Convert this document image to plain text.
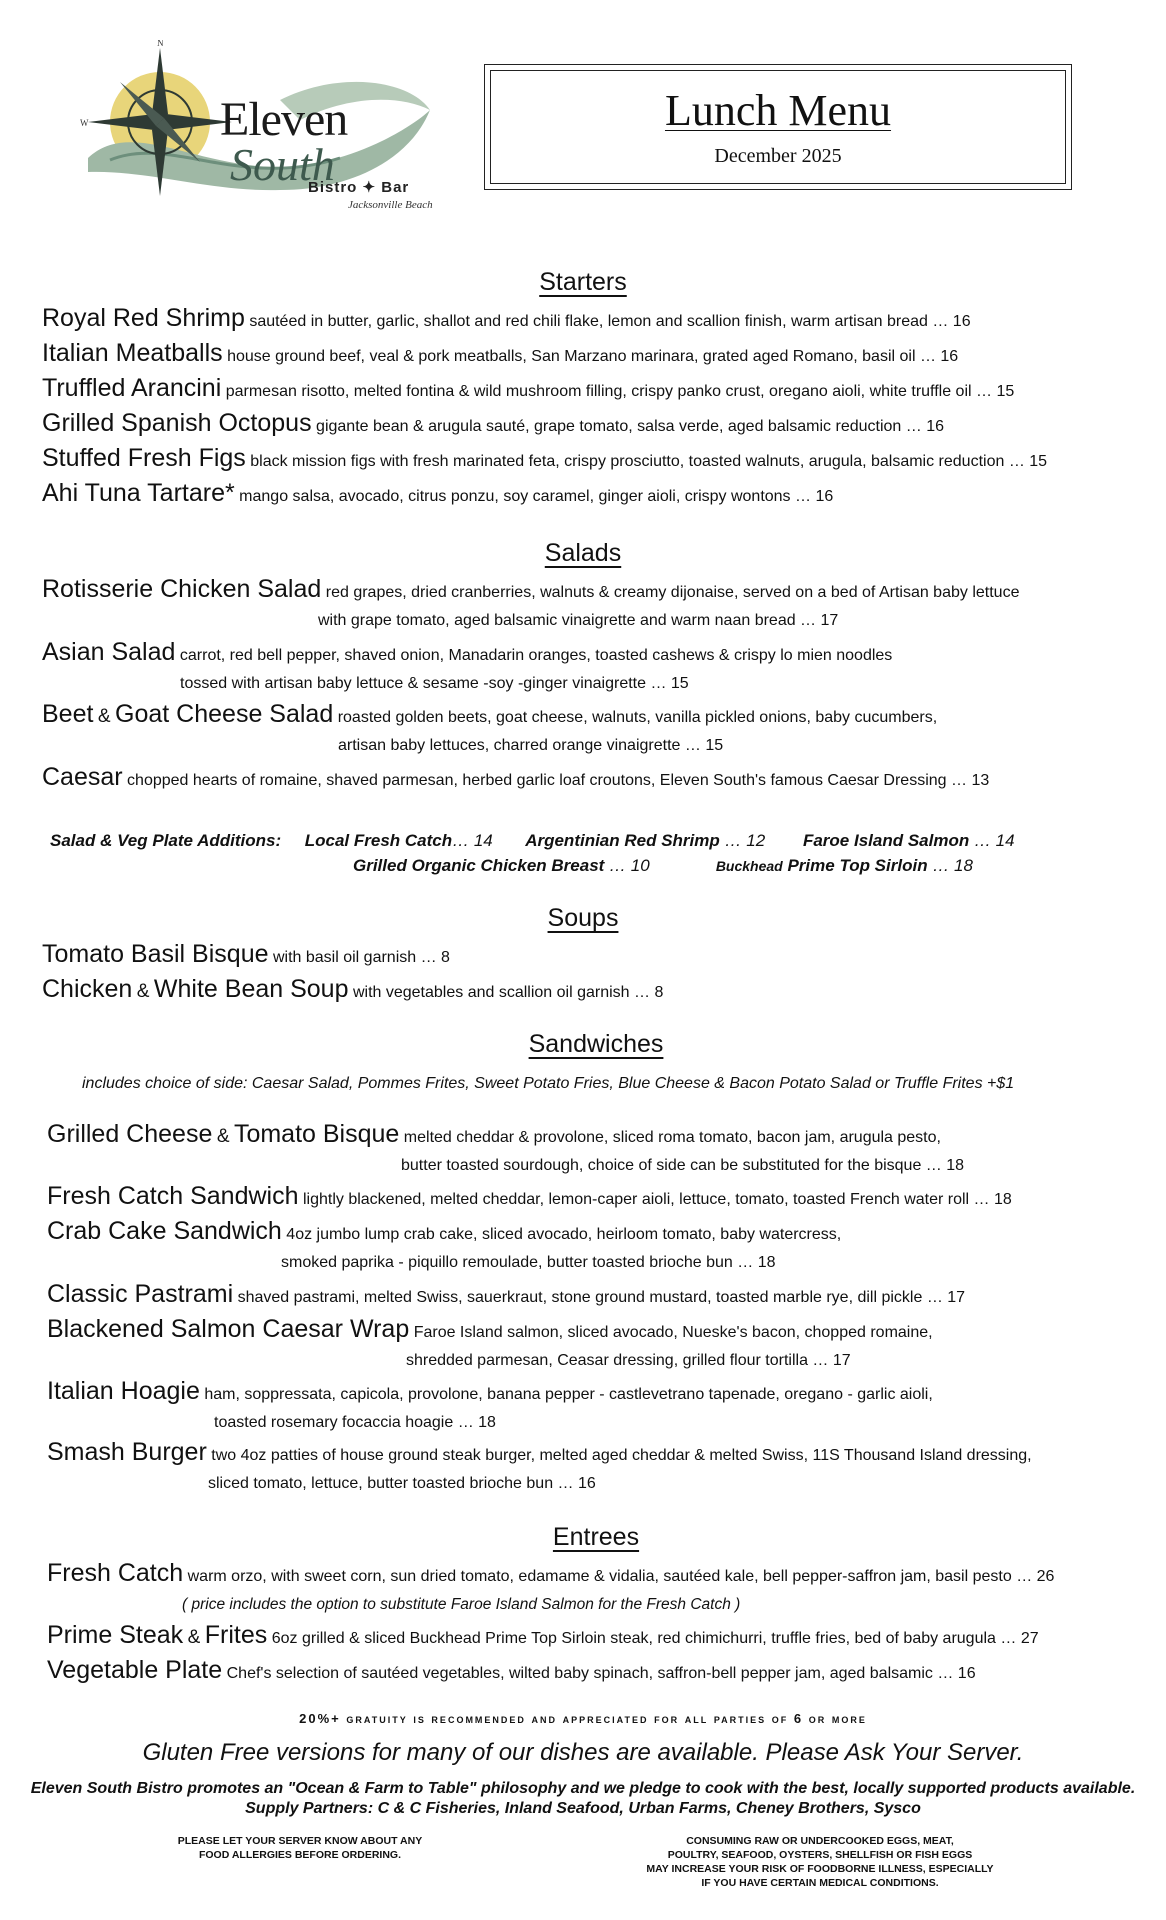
N
W	Eleven
South
Bistro ✦ Bar
Jacksonville Beach
Lunch Menu
December 2025
Starters
Royal Red Shrimp sautéed in butter, garlic, shallot and red chili flake, lemon and scallion finish, warm artisan bread … 16
Italian Meatballs house ground beef, veal & pork meatballs, San Marzano marinara, grated aged Romano, basil oil … 16
Truffled Arancini parmesan risotto, melted fontina & wild mushroom filling, crispy panko crust, oregano aioli, white truffle oil … 15
Grilled Spanish Octopus gigante bean & arugula sauté, grape tomato, salsa verde, aged balsamic reduction … 16
Stuffed Fresh Figs black mission figs with fresh marinated feta, crispy prosciutto, toasted walnuts, arugula, balsamic reduction … 15
Ahi Tuna Tartare* mango salsa, avocado, citrus ponzu, soy caramel, ginger aioli, crispy wontons … 16
Salads
Rotisserie Chicken Salad red grapes, dried cranberries, walnuts & creamy dijonaise, served on a bed of Artisan baby lettuce
with grape tomato, aged balsamic vinaigrette and warm naan bread … 17
Asian Salad carrot, red bell pepper, shaved onion, Manadarin oranges, toasted cashews & crispy lo mien noodles
tossed with artisan baby lettuce & sesame -soy -ginger vinaigrette … 15
Beet & Goat Cheese Salad roasted golden beets, goat cheese, walnuts, vanilla pickled onions, baby cucumbers,
artisan baby lettuces, charred orange vinaigrette … 15
Caesar chopped hearts of romaine, shaved parmesan, herbed garlic loaf croutons, Eleven South's famous Caesar Dressing … 13
Salad & Veg Plate Additions: Local Fresh Catch… 14 Argentinian Red Shrimp … 12 Faroe Island Salmon … 14
Grilled Organic Chicken Breast … 10	Buckhead Prime Top Sirloin … 18
Soups
Tomato Basil Bisque with basil oil garnish … 8
Chicken & White Bean Soup with vegetables and scallion oil garnish … 8
Sandwiches
includes choice of side: Caesar Salad, Pommes Frites, Sweet Potato Fries, Blue Cheese & Bacon Potato Salad or Truffle Frites +$1
Grilled Cheese & Tomato Bisque melted cheddar & provolone, sliced roma tomato, bacon jam, arugula pesto,
butter toasted sourdough, choice of side can be substituted for the bisque … 18
Fresh Catch Sandwich lightly blackened, melted cheddar, lemon-caper aioli, lettuce, tomato, toasted French water roll … 18
Crab Cake Sandwich 4oz jumbo lump crab cake, sliced avocado, heirloom tomato, baby watercress,
smoked paprika - piquillo remoulade, butter toasted brioche bun … 18
Classic Pastrami shaved pastrami, melted Swiss, sauerkraut, stone ground mustard, toasted marble rye, dill pickle … 17
Blackened Salmon Caesar Wrap Faroe Island salmon, sliced avocado, Nueske's bacon, chopped romaine,
shredded parmesan, Ceasar dressing, grilled flour tortilla … 17
Italian Hoagie ham, soppressata, capicola, provolone, banana pepper - castlevetrano tapenade, oregano - garlic aioli,
toasted rosemary focaccia hoagie … 18
Smash Burger two 4oz patties of house ground steak burger, melted aged cheddar & melted Swiss, 11S Thousand Island dressing,
sliced tomato, lettuce, butter toasted brioche bun … 16
Entrees
Fresh Catch warm orzo, with sweet corn, sun dried tomato, edamame & vidalia, sautéed kale, bell pepper-saffron jam, basil pesto … 26
( price includes the option to substitute Faroe Island Salmon for the Fresh Catch )
Prime Steak & Frites 6oz grilled & sliced Buckhead Prime Top Sirloin steak, red chimichurri, truffle fries, bed of baby arugula … 27
Vegetable Plate Chef's selection of sautéed vegetables, wilted baby spinach, saffron-bell pepper jam, aged balsamic … 16
20%+ gratuity is recommended and appreciated for all parties of 6 or more
Gluten Free versions for many of our dishes are available. Please Ask Your Server.
Eleven South Bistro promotes an "Ocean & Farm to Table" philosophy and we pledge to cook with the best, locally supported products available.
Supply Partners: C & C Fisheries, Inland Seafood, Urban Farms, Cheney Brothers, Sysco
PLEASE LET YOUR SERVER KNOW ABOUT ANY
FOOD ALLERGIES BEFORE ORDERING.
CONSUMING RAW OR UNDERCOOKED EGGS, MEAT,
POULTRY, SEAFOOD, OYSTERS, SHELLFISH OR FISH EGGS
MAY INCREASE YOUR RISK OF FOODBORNE ILLNESS, ESPECIALLY
IF YOU HAVE CERTAIN MEDICAL CONDITIONS.
